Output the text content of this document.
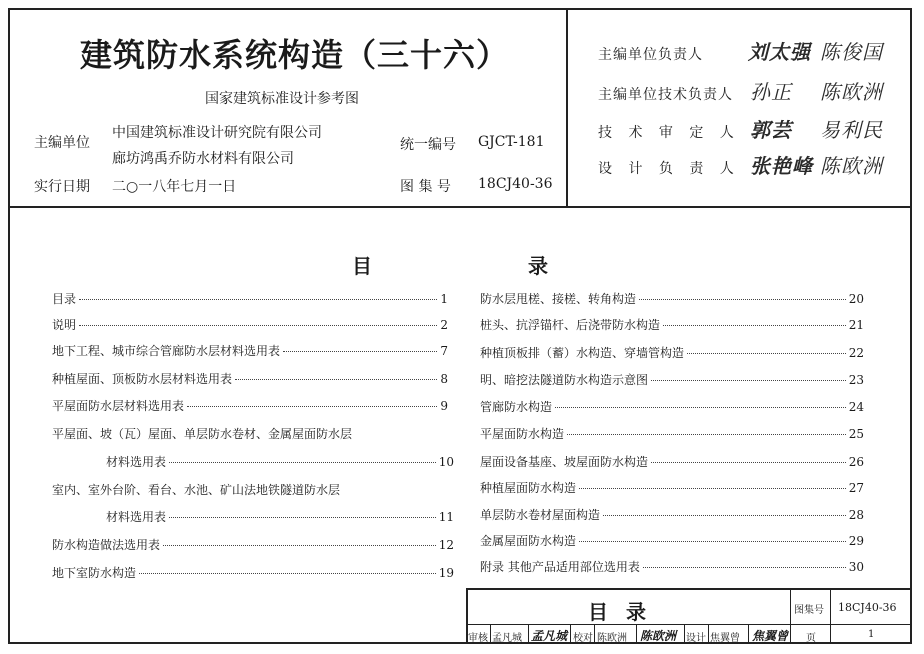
建筑防水系统构造（三十六）
国家建筑标准设计参考图
主编单位
中国建筑标准设计研究院有限公司
廊坊鸿禹乔防水材料有限公司
实行日期 二○一八年七月一日
统一编号 GJCT-181
图 集 号 18CJ40-36
主编单位负责人 刘太强 陈俊国
主编单位技术负责人 孙正 陈欧洲
技 术 审 定 人 郭芸 易利民
设 计 负 责 人 张艳峰 陈欧洲
目	录
目录	1
说明	2
地下工程、城市综合管廊防水层材料选用表	7
种植屋面、顶板防水层材料选用表	8
平屋面防水层材料选用表	9
平屋面、坡（瓦）屋面、单层防水卷材、金属屋面防水层
材料选用表	10
室内、室外台阶、看台、水池、矿山法地铁隧道防水层
材料选用表	11
防水构造做法选用表	12
地下室防水构造	19
防水层甩槎、接槎、转角构造	20
桩头、抗浮锚杆、后浇带防水构造	21
种植顶板排（蓄）水构造、穿墙管构造	22
明、暗挖法隧道防水构造示意图	23
管廊防水构造	24
平屋面防水构造	25
屋面设备基座、坡屋面防水构造	26
种植屋面防水构造	27
单层防水卷材屋面构造	28
金属屋面防水构造	29
附录 其他产品适用部位选用表	30
目录	图集号 18CJ40-36
审核 孟凡城 孟凡城 校对 陈欧洲 陈欧洲 设计 焦翼曾 焦翼曾 页	1
